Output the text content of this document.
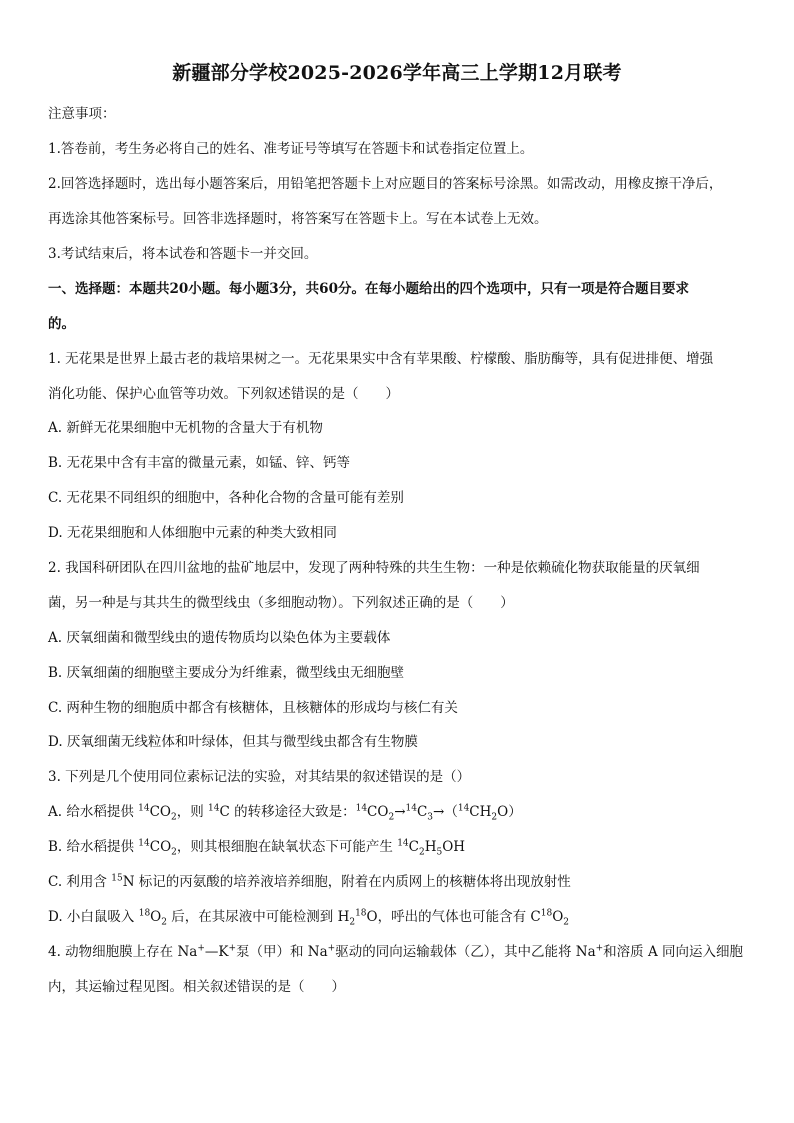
新疆部分学校2025-2026学年高三上学期12月联考
注意事项：
1.答卷前，考生务必将自己的姓名、准考证号等填写在答题卡和试卷指定位置上。
2.回答选择题时，选出每小题答案后，用铅笔把答题卡上对应题目的答案标号涂黑。如需改动，用橡皮擦干净后，
再选涂其他答案标号。回答非选择题时，将答案写在答题卡上。写在本试卷上无效。
3.考试结束后，将本试卷和答题卡一并交回。
一、选择题：本题共20小题。每小题3分，共60分。在每小题给出的四个选项中，只有一项是符合题目要求
的。
1. 无花果是世界上最古老的栽培果树之一。无花果果实中含有苹果酸、柠檬酸、脂肪酶等，具有促进排便、增强
消化功能、保护心血管等功效。下列叙述错误的是（　　）
A. 新鲜无花果细胞中无机物的含量大于有机物
B. 无花果中含有丰富的微量元素，如锰、锌、钙等
C. 无花果不同组织的细胞中，各种化合物的含量可能有差别
D. 无花果细胞和人体细胞中元素的种类大致相同
2. 我国科研团队在四川盆地的盐矿地层中，发现了两种特殊的共生生物：一种是依赖硫化物获取能量的厌氧细
菌，另一种是与其共生的微型线虫（多细胞动物）。下列叙述正确的是（　　）
A. 厌氧细菌和微型线虫的遗传物质均以染色体为主要载体
B. 厌氧细菌的细胞壁主要成分为纤维素，微型线虫无细胞壁
C. 两种生物的细胞质中都含有核糖体，且核糖体的形成均与核仁有关
D. 厌氧细菌无线粒体和叶绿体，但其与微型线虫都含有生物膜
3. 下列是几个使用同位素标记法的实验，对其结果的叙述错误的是（）
A. 给水稻提供 $^{14}CO_2$，则 $^{14}$C 的转移途径大致是：$^{14}CO_2\to^{14}C_3\to(^{14}CH_2O)$
B. 给水稻提供 $^{14}CO_2$，则其根细胞在缺氧状态下可能产生 $^{14}C_2H_5OH$
C. 利用含 $^{15}$N 标记的丙氨酸的培养液培养细胞，附着在内质网上的核糖体将出现放射性
D. 小白鼠吸入 $^{18}O_2$ 后，在其尿液中可能检测到 $H_2^{18}O$，呼出的气体也可能含有 $C^{18}O_2$
4. 动物细胞膜上存在 Na+—K+泵（甲）和 Na+驱动的同向运输载体（乙），其中乙能将 Na+和溶质 A 同向运入细胞
内，其运输过程见图。相关叙述错误的是（　　）
